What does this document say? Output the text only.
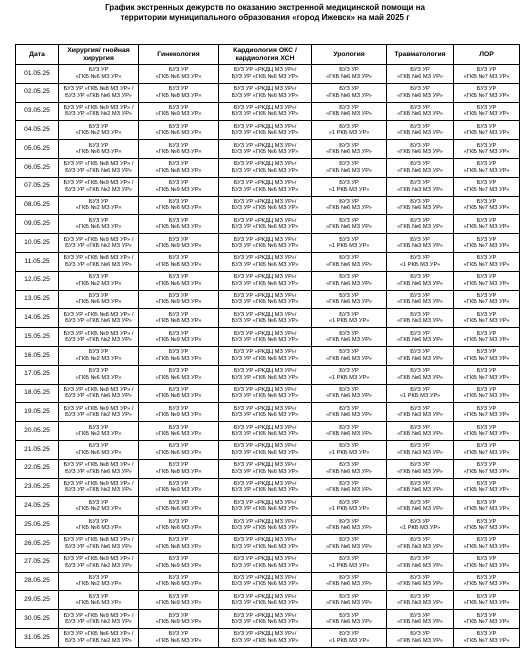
График экстренных дежурств по оказанию экстренной медицинской помощи на
территории муниципального образования «город Ижевск» на май 2025 г
Дата	Хирургия/ гнойная хирургия	Гинекология	Кардиология ОКС / кардиология ХСН	Урология	Травматология	ЛОР
01.05.25	БУЗ УР
«ГКБ №6 МЗ УР»	БУЗ УР
«ГКБ №6 МЗ УР»	БУЗ УР «РКДЦ МЗ УР»/
БУЗ УР «ГКБ №6 МЗ УР»	БУЗ УР
«ГКБ №6 МЗ УР»	БУЗ УР
«ГКБ №6 МЗ УР»	БУЗ УР
«ГКБ №7 МЗ УР»

02.05.25	БУЗ УР «ГКБ №8 МЗ УР» /
БУЗ УР «ГКБ №6 МЗ УР»	БУЗ УР
«ГКБ №8 МЗ УР»	БУЗ УР «РКДЦ МЗ УР»/
БУЗ УР «ГКБ №6 МЗ УР»	БУЗ УР
«ГКБ №6 МЗ УР»	БУЗ УР
«ГКБ №6 МЗ УР»	БУЗ УР
«ГКБ №7 МЗ УР»

03.05.25	БУЗ УР «ГКБ №9 МЗ УР» /
БУЗ УР «ГКБ №2 МЗ УР»	БУЗ УР
«ГКБ №9 МЗ УР»	БУЗ УР «РКДЦ МЗ УР»/
БУЗ УР «ГКБ №6 МЗ УР»	БУЗ УР
«ГКБ №6 МЗ УР»	БУЗ УР
«ГКБ №6 МЗ УР»	БУЗ УР
«ГКБ №7 МЗ УР»

04.05.25	БУЗ УР
«ГКБ №2 МЗ УР»	БУЗ УР
«ГКБ №6 МЗ УР»	БУЗ УР «РКДЦ МЗ УР»/
БУЗ УР «ГКБ №6 МЗ УР»	БУЗ УР
«1 РКБ МЗ УР»	БУЗ УР
«ГКБ №6 МЗ УР»	БУЗ УР
«ГКБ №7 МЗ УР»

05.05.25	БУЗ УР
«ГКБ №6 МЗ УР»	БУЗ УР
«ГКБ №6 МЗ УР»	БУЗ УР «РКДЦ МЗ УР»/
БУЗ УР «ГКБ №6 МЗ УР»	БУЗ УР
«ГКБ №6 МЗ УР»	БУЗ УР
«ГКБ №6 МЗ УР»	БУЗ УР
«ГКБ №7 МЗ УР»

06.05.25	БУЗ УР «ГКБ №8 МЗ УР» /
БУЗ УР «ГКБ №6 МЗ УР»	БУЗ УР
«ГКБ №8 МЗ УР»	БУЗ УР «РКДЦ МЗ УР»/
БУЗ УР «ГКБ №6 МЗ УР»	БУЗ УР
«ГКБ №6 МЗ УР»	БУЗ УР
«ГКБ №6 МЗ УР»	БУЗ УР
«ГКБ №7 МЗ УР»

07.05.25	БУЗ УР «ГКБ №9 МЗ УР» /
БУЗ УР «ГКБ №2 МЗ УР»	БУЗ УР
«ГКБ №9 МЗ УР»	БУЗ УР «РКДЦ МЗ УР»/
БУЗ УР «ГКБ №6 МЗ УР»	БУЗ УР
«1 РКБ МЗ УР»	БУЗ УР
«ГКБ №3 МЗ УР»	БУЗ УР
«ГКБ №7 МЗ УР»

08.05.25	БУЗ УР
«ГКБ №2 МЗ УР»	БУЗ УР
«ГКБ №6 МЗ УР»	БУЗ УР «РКДЦ МЗ УР»/
БУЗ УР «ГКБ №6 МЗ УР»	БУЗ УР
«ГКБ №6 МЗ УР»	БУЗ УР
«ГКБ №6 МЗ УР»	БУЗ УР
«ГКБ №7 МЗ УР»

09.05.25	БУЗ УР
«ГКБ №6 МЗ УР»	БУЗ УР
«ГКБ №6 МЗ УР»	БУЗ УР «РКДЦ МЗ УР»/
БУЗ УР «ГКБ №6 МЗ УР»	БУЗ УР
«ГКБ №6 МЗ УР»	БУЗ УР
«ГКБ №6 МЗ УР»	БУЗ УР
«ГКБ №7 МЗ УР»

10.05.25	БУЗ УР «ГКБ №9 МЗ УР» /
БУЗ УР «ГКБ №2 МЗ УР»	БУЗ УР
«ГКБ №9 МЗ УР»	БУЗ УР «РКДЦ МЗ УР»/
БУЗ УР «ГКБ №6 МЗ УР»	БУЗ УР
«1 РКБ МЗ УР»	БУЗ УР
«ГКБ №3 МЗ УР»	БУЗ УР
«ГКБ №7 МЗ УР»

11.05.25	БУЗ УР «ГКБ №8 МЗ УР» /
БУЗ УР «ГКБ №6 МЗ УР»	БУЗ УР
«ГКБ №8 МЗ УР»	БУЗ УР «РКДЦ МЗ УР»/
БУЗ УР «ГКБ №6 МЗ УР»	БУЗ УР
«ГКБ №6 МЗ УР»	БУЗ УР
«1 РКБ МЗ УР»	БУЗ УР
«ГКБ №7 МЗ УР»

12.05.25	БУЗ УР
«ГКБ №2 МЗ УР»	БУЗ УР
«ГКБ №6 МЗ УР»	БУЗ УР «РКДЦ МЗ УР»/
БУЗ УР «ГКБ №6 МЗ УР»	БУЗ УР
«ГКБ №6 МЗ УР»	БУЗ УР
«ГКБ №6 МЗ УР»	БУЗ УР
«ГКБ №7 МЗ УР»

13.05.25	БУЗ УР
«ГКБ №6 МЗ УР»	БУЗ УР
«ГКБ №9 МЗ УР»	БУЗ УР «РКДЦ МЗ УР»/
БУЗ УР «ГКБ №6 МЗ УР»	БУЗ УР
«ГКБ №6 МЗ УР»	БУЗ УР
«ГКБ №6 МЗ УР»	БУЗ УР
«ГКБ №7 МЗ УР»

14.05.25	БУЗ УР «ГКБ №8 МЗ УР» /
БУЗ УР «ГКБ №6 МЗ УР»	БУЗ УР
«ГКБ №8 МЗ УР»	БУЗ УР «РКДЦ МЗ УР»/
БУЗ УР «ГКБ №6 МЗ УР»	БУЗ УР
«1 РКБ МЗ УР»	БУЗ УР
«ГКБ №3 МЗ УР»	БУЗ УР
«ГКБ №7 МЗ УР»

15.05.25	БУЗ УР «ГКБ №9 МЗ УР» /
БУЗ УР «ГКБ №2 МЗ УР»	БУЗ УР
«ГКБ №9 МЗ УР»	БУЗ УР «РКДЦ МЗ УР»/
БУЗ УР «ГКБ №6 МЗ УР»	БУЗ УР
«ГКБ №6 МЗ УР»	БУЗ УР
«ГКБ №6 МЗ УР»	БУЗ УР
«ГКБ №7 МЗ УР»

16.05.25	БУЗ УР
«ГКБ №2 МЗ УР»	БУЗ УР
«ГКБ №6 МЗ УР»	БУЗ УР «РКДЦ МЗ УР»/
БУЗ УР «ГКБ №6 МЗ УР»	БУЗ УР
«ГКБ №6 МЗ УР»	БУЗ УР
«ГКБ №6 МЗ УР»	БУЗ УР
«ГКБ №7 МЗ УР»

17.05.25	БУЗ УР
«ГКБ №6 МЗ УР»	БУЗ УР
«ГКБ №6 МЗ УР»	БУЗ УР «РКДЦ МЗ УР»/
БУЗ УР «ГКБ №6 МЗ УР»	БУЗ УР
«1 РКБ МЗ УР»	БУЗ УР
«ГКБ №6 МЗ УР»	БУЗ УР
«ГКБ №7 МЗ УР»

18.05.25	БУЗ УР «ГКБ №8 МЗ УР» /
БУЗ УР «ГКБ №6 МЗ УР»	БУЗ УР
«ГКБ №8 МЗ УР»	БУЗ УР «РКДЦ МЗ УР»/
БУЗ УР «ГКБ №6 МЗ УР»	БУЗ УР
«ГКБ №6 МЗ УР»	БУЗ УР
«1 РКБ МЗ УР»	БУЗ УР
«ГКБ №7 МЗ УР»

19.05.25	БУЗ УР «ГКБ №9 МЗ УР» /
БУЗ УР «ГКБ №2 МЗ УР»	БУЗ УР
«ГКБ №9 МЗ УР»	БУЗ УР «РКДЦ МЗ УР»/
БУЗ УР «ГКБ №6 МЗ УР»	БУЗ УР
«ГКБ №6 МЗ УР»	БУЗ УР
«ГКБ №3 МЗ УР»	БУЗ УР
«ГКБ №7 МЗ УР»

20.05.25	БУЗ УР
«ГКБ №2 МЗ УР»	БУЗ УР
«ГКБ №6 МЗ УР»	БУЗ УР «РКДЦ МЗ УР»/
БУЗ УР «ГКБ №6 МЗ УР»	БУЗ УР
«ГКБ №6 МЗ УР»	БУЗ УР
«ГКБ №6 МЗ УР»	БУЗ УР
«ГКБ №7 МЗ УР»

21.05.25	БУЗ УР
«ГКБ №6 МЗ УР»	БУЗ УР
«ГКБ №6 МЗ УР»	БУЗ УР «РКДЦ МЗ УР»/
БУЗ УР «ГКБ №6 МЗ УР»	БУЗ УР
«1 РКБ МЗ УР»	БУЗ УР
«ГКБ №3 МЗ УР»	БУЗ УР
«ГКБ №7 МЗ УР»

22.05.25	БУЗ УР «ГКБ №8 МЗ УР» /
БУЗ УР «ГКБ №6 МЗ УР»	БУЗ УР
«ГКБ №8 МЗ УР»	БУЗ УР «РКДЦ МЗ УР»/
БУЗ УР «ГКБ №6 МЗ УР»	БУЗ УР
«ГКБ №6 МЗ УР»	БУЗ УР
«ГКБ №6 МЗ УР»	БУЗ УР
«ГКБ №7 МЗ УР»

23.05.25	БУЗ УР «ГКБ №9 МЗ УР» /
БУЗ УР «ГКБ №2 МЗ УР»	БУЗ УР
«ГКБ №9 МЗ УР»	БУЗ УР «РКДЦ МЗ УР»/
БУЗ УР «ГКБ №6 МЗ УР»	БУЗ УР
«ГКБ №6 МЗ УР»	БУЗ УР
«ГКБ №6 МЗ УР»	БУЗ УР
«ГКБ №7 МЗ УР»

24.05.25	БУЗ УР
«ГКБ №2 МЗ УР»	БУЗ УР
«ГКБ №6 МЗ УР»	БУЗ УР «РКДЦ МЗ УР»/
БУЗ УР «ГКБ №6 МЗ УР»	БУЗ УР
«1 РКБ МЗ УР»	БУЗ УР
«ГКБ №6 МЗ УР»	БУЗ УР
«ГКБ №7 МЗ УР»

25.05.25	БУЗ УР
«ГКБ №6 МЗ УР»	БУЗ УР
«ГКБ №6 МЗ УР»	БУЗ УР «РКДЦ МЗ УР»/
БУЗ УР «ГКБ №6 МЗ УР»	БУЗ УР
«ГКБ №6 МЗ УР»	БУЗ УР
«1 РКБ МЗ УР»	БУЗ УР
«ГКБ №7 МЗ УР»

26.05.25	БУЗ УР «ГКБ №8 МЗ УР» /
БУЗ УР «ГКБ №6 МЗ УР»	БУЗ УР
«ГКБ №8 МЗ УР»	БУЗ УР «РКДЦ МЗ УР»/
БУЗ УР «ГКБ №6 МЗ УР»	БУЗ УР
«ГКБ №6 МЗ УР»	БУЗ УР
«ГКБ №3 МЗ УР»	БУЗ УР
«ГКБ №7 МЗ УР»

27.05.25	БУЗ УР «ГКБ №9 МЗ УР» /
БУЗ УР «ГКБ №2 МЗ УР»	БУЗ УР
«ГКБ №9 МЗ УР»	БУЗ УР «РКДЦ МЗ УР»/
БУЗ УР «ГКБ №6 МЗ УР»	БУЗ УР
«1 РКБ МЗ УР»	БУЗ УР
«ГКБ №6 МЗ УР»	БУЗ УР
«ГКБ №7 МЗ УР»

28.05.25	БУЗ УР
«ГКБ №2 МЗ УР»	БУЗ УР
«ГКБ №6 МЗ УР»	БУЗ УР «РКДЦ МЗ УР»/
БУЗ УР «ГКБ №6 МЗ УР»	БУЗ УР
«ГКБ №6 МЗ УР»	БУЗ УР
«ГКБ №6 МЗ УР»	БУЗ УР
«ГКБ №7 МЗ УР»

29.05.25	БУЗ УР
«ГКБ №6 МЗ УР»	БУЗ УР
«ГКБ №9 МЗ УР»	БУЗ УР «РКДЦ МЗ УР»/
БУЗ УР «ГКБ №6 МЗ УР»	БУЗ УР
«ГКБ №6 МЗ УР»	БУЗ УР
«ГКБ №3 МЗ УР»	БУЗ УР
«ГКБ №7 МЗ УР»

30.05.25	БУЗ УР «ГКБ №9 МЗ УР» /
БУЗ УР «ГКБ №2 МЗ УР»	БУЗ УР
«ГКБ №9 МЗ УР»	БУЗ УР «РКДЦ МЗ УР»/
БУЗ УР «ГКБ №6 МЗ УР»	БУЗ УР
«ГКБ №6 МЗ УР»	БУЗ УР
«ГКБ №6 МЗ УР»	БУЗ УР
«ГКБ №7 МЗ УР»

31.05.25	БУЗ УР «ГКБ №6 МЗ УР» /
БУЗ УР «ГКБ №2 МЗ УР»	БУЗ УР
«ГКБ №6 МЗ УР»	БУЗ УР «РКДЦ МЗ УР»/
БУЗ УР «ГКБ №6 МЗ УР»	БУЗ УР
«1 РКБ МЗ УР»	БУЗ УР
«ГКБ №6 МЗ УР»	БУЗ УР
«ГКБ №7 МЗ УР»
